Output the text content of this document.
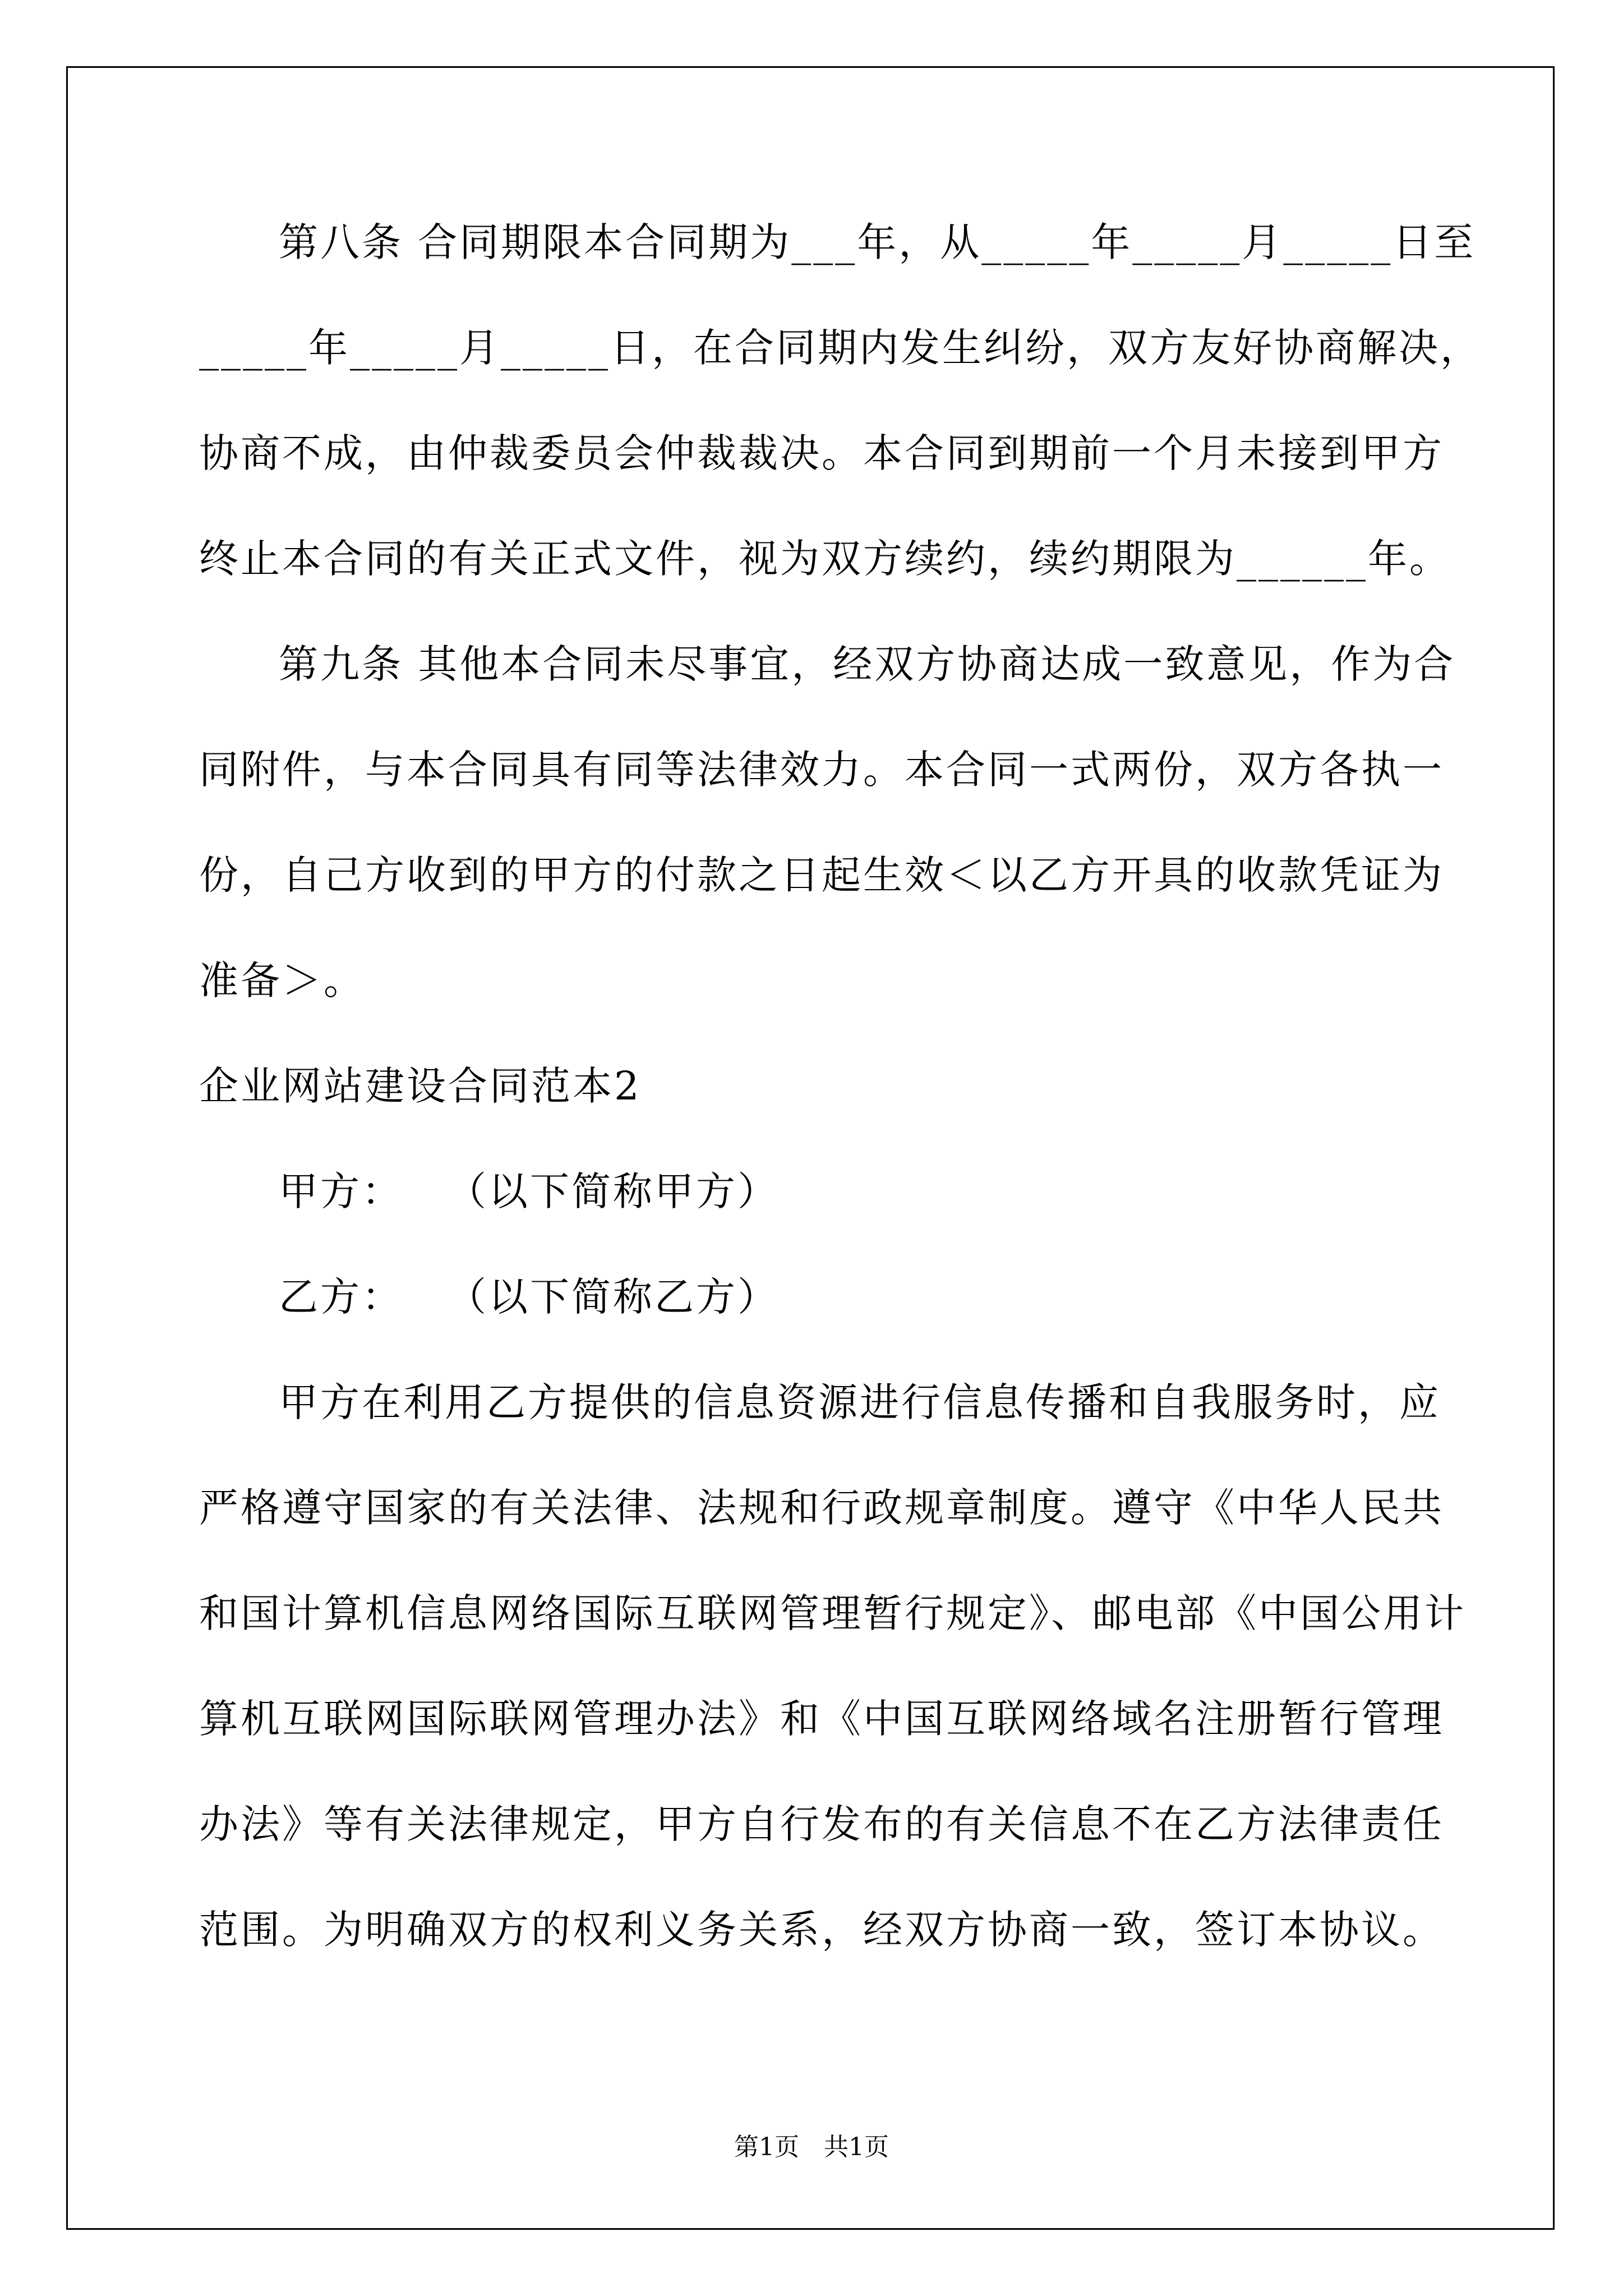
第八条 合同期限本合同期为___年，从_____年_____月_____日至
_____年_____月_____日，在合同期内发生纠纷，双方友好协商解决，
协商不成，由仲裁委员会仲裁裁决。本合同到期前一个月未接到甲方
终止本合同的有关正式文件，视为双方续约，续约期限为______年。
第九条 其他本合同未尽事宜，经双方协商达成一致意见，作为合
同附件，与本合同具有同等法律效力。本合同一式两份，双方各执一
份，自己方收到的甲方的付款之日起生效＜以乙方开具的收款凭证为
准备＞。
企业网站建设合同范本2
甲方：　　（以下简称甲方）
乙方：　　（以下简称乙方）
甲方在利用乙方提供的信息资源进行信息传播和自我服务时，应
严格遵守国家的有关法律、法规和行政规章制度。遵守《中华人民共
和国计算机信息网络国际互联网管理暂行规定》、邮电部《中国公用计
算机互联网国际联网管理办法》和《中国互联网络域名注册暂行管理
办法》等有关法律规定，甲方自行发布的有关信息不在乙方法律责任
范围。为明确双方的权利义务关系，经双方协商一致，签订本协议。
第1页　共1页
